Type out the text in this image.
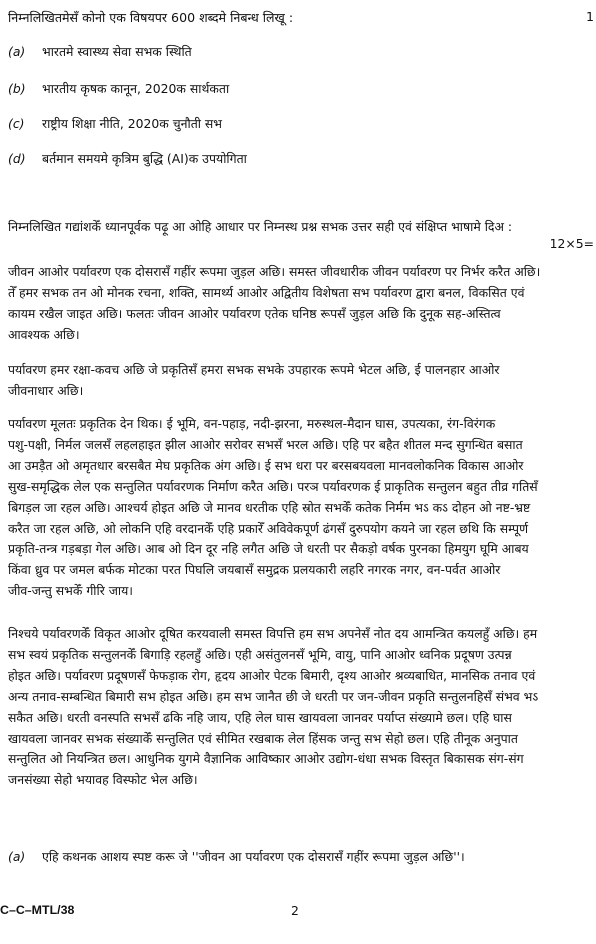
निम्नलिखितमेसँ कोनो एक विषयपर 600 शब्दमे निबन्ध लिखू :	1
(a) भारतमे स्वास्थ्य सेवा सभक स्थिति
(b) भारतीय कृषक कानून, 2020क सार्थकता
(c) राष्ट्रीय शिक्षा नीति, 2020क चुनौती सभ
(d) बर्तमान समयमे कृत्रिम बुद्धि (AI)क उपयोगिता
निम्नलिखित गद्यांशकेँ ध्यानपूर्वक पढ़ू आ ओहि आधार पर निम्नस्थ प्रश्न सभक उत्तर सही एवं संक्षिप्त भाषामे दिअ :
12×5=
जीवन आओर पर्यावरण एक दोसरासँ गहींर रूपमा जुड़ल अछि। समस्त जीवधारीक जीवन पर्यावरण पर निर्भर करैत अछि।
तेँ हमर सभक तन ओ मोनक रचना, शक्ति, सामर्थ्य आओर अद्वितीय विशेषता सभ पर्यावरण द्वारा बनल, विकसित एवं
कायम रखैल जाइत अछि। फलतः जीवन आओर पर्यावरण एतेक घनिष्ठ रूपसँ जुड़ल अछि कि दुनूक सह-अस्तित्व
आवश्यक अछि।
पर्यावरण हमर रक्षा-कवच अछि जे प्रकृतिसँ हमरा सभक सभके उपहारक रूपमे भेटल अछि, ई पालनहार आओर
जीवनाधार अछि।
पर्यावरण मूलतः प्रकृतिक देन थिक। ई भूमि, वन-पहाड़, नदी-झरना, मरुस्थल-मैदान घास, उपत्यका, रंग-विरंगक
पशु-पक्षी, निर्मल जलसँ लहलहाइत झील आओर सरोवर सभसँ भरल अछि। एहि पर बहैत शीतल मन्द सुगन्धित बसात
आ उमड़ैत ओ अमृतधार बरसबैत मेघ प्रकृतिक अंग अछि। ई सभ धरा पर बरसबयवला मानवलोकनिक विकास आओर
सुख-समृद्धिक लेल एक सन्तुलित पर्यावरणक निर्माण करैत अछि। परञ पर्यावरणक ई प्राकृतिक सन्तुलन बहुत तीव्र गतिसँ
बिगड़ल जा रहल अछि। आश्चर्य होइत अछि जे मानव धरतीक एहि स्रोत सभकेँ कतेक निर्मम भऽ कऽ दोहन ओ नष्ट-भ्रष्ट
करैत जा रहल अछि, ओ लोकनि एहि वरदानकेँ एहि प्रकारेँ अविवेकपूर्ण ढंगसँ दुरुपयोग कयने जा रहल छथि कि सम्पूर्ण
प्रकृति-तन्त्र गड़बड़ा गेल अछि। आब ओ दिन दूर नहि लगैत अछि जे धरती पर सैकड़ो वर्षक पुरनका हिमयुग घूमि आबय
किंवा ध्रुव पर जमल बर्फक मोटका परत पिघलि जयबासँ समुद्रक प्रलयकारी लहरि नगरक नगर, वन-पर्वत आओर
जीव-जन्तु सभकेँ गीरि जाय।
निश्चये पर्यावरणकेँ विकृत आओर दूषित करयवाली समस्त विपत्ति हम सभ अपनेसँ नोत दय आमन्त्रित कयलहुँ अछि। हम
सभ स्वयं प्रकृतिक सन्तुलनकेँ बिगाड़ि रहलहुँ अछि। एही असंतुलनसँ भूमि, वायु, पानि आओर ध्वनिक प्रदूषण उत्पन्न
होइत अछि। पर्यावरण प्रदूषणसँ फेफड़ाक रोग, हृदय आओर पेटक बिमारी, दृश्य आओर श्रव्यबाधित, मानसिक तनाव एवं
अन्य तनाव-सम्बन्धित बिमारी सभ होइत अछि। हम सभ जानैत छी जे धरती पर जन-जीवन प्रकृति सन्तुलनहिसँ संभव भऽ
सकैत अछि। धरती वनस्पति सभसँ ढकि नहि जाय, एहि लेल घास खायवला जानवर पर्याप्त संख्यामे छल। एहि घास
खायवला जानवर सभक संख्याकेँ सन्तुलित एवं सीमित रखबाक लेल हिंसक जन्तु सभ सेहो छल। एहि तीनूक अनुपात
सन्तुलित ओ नियन्त्रित छल। आधुनिक युगमे वैज्ञानिक आविष्कार आओर उद्योग-धंधा सभक विस्तृत बिकासक संग-संग
जनसंख्या सेहो भयावह विस्फोट भेल अछि।
(a) एहि कथनक आशय स्पष्ट करू जे ''जीवन आ पर्यावरण एक दोसरासँ गहींर रूपमा जुड़ल अछि''।
C–C–MTL/38	2
